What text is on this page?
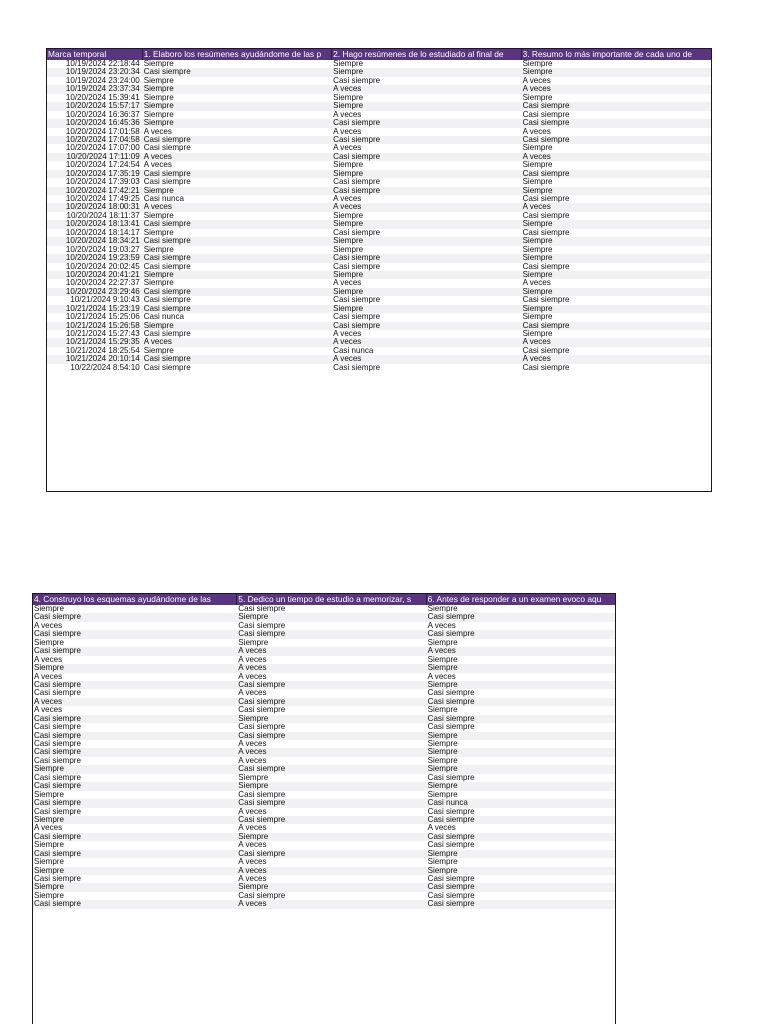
Marca temporal	1. Elaboro los resúmenes ayudándome de las p	2. Hago resúmenes de lo estudiado al final de	3. Resumo lo más importante de cada uno de
10/19/2024 22:18:44 Siempre	Siempre	Siempre
10/19/2024 23:20:34 Casi siempre	Siempre	Siempre
10/19/2024 23:24:00 Siempre	Casi siempre	A veces
10/19/2024 23:37:34 Siempre	A veces	A veces
10/20/2024 15:39:41 Siempre	Siempre	Siempre
10/20/2024 15:57:17 Siempre	Siempre	Casi siempre
10/20/2024 16:36:37 Siempre	A veces	Casi siempre
10/20/2024 16:45:36 Siempre	Casi siempre	Casi siempre
10/20/2024 17:01:58 A veces	A veces	A veces
10/20/2024 17:04:58 Casi siempre	Casi siempre	Casi siempre
10/20/2024 17:07:00 Casi siempre	A veces	Siempre
10/20/2024 17:11:09 A veces	Casi siempre	A veces
10/20/2024 17:24:54 A veces	Siempre	Siempre
10/20/2024 17:35:19 Casi siempre	Siempre	Casi siempre
10/20/2024 17:39:03 Casi siempre	Casi siempre	Siempre
10/20/2024 17:42:21 Siempre	Casi siempre	Siempre
10/20/2024 17:49:25 Casi nunca	A veces	Casi siempre
10/20/2024 18:00:31 A veces	A veces	A veces
10/20/2024 18:11:37 Siempre	Siempre	Casi siempre
10/20/2024 18:13:41 Casi siempre	Siempre	Siempre
10/20/2024 18:14:17 Siempre	Casi siempre	Casi siempre
10/20/2024 18:34:21 Casi siempre	Siempre	Siempre
10/20/2024 19:03:27 Siempre	Siempre	Siempre
10/20/2024 19:23:59 Casi siempre	Casi siempre	Siempre
10/20/2024 20:02:45 Casi siempre	Casi siempre	Casi siempre
10/20/2024 20:41:21 Siempre	Siempre	Siempre
10/20/2024 22:27:37 Siempre	A veces	A veces
10/20/2024 23:29:46 Casi siempre	Siempre	Siempre
10/21/2024 9:10:43 Casi siempre	Casi siempre	Casi siempre
10/21/2024 15:23:19 Casi siempre	Siempre	Siempre
10/21/2024 15:25:06 Casi nunca	Casi siempre	Siempre
10/21/2024 15:26:58 Siempre	Casi siempre	Casi siempre
10/21/2024 15:27:43 Casi siempre	A veces	Siempre
10/21/2024 15:29:35 A veces	A veces	A veces
10/21/2024 18:25:54 Siempre	Casi nunca	Casi siempre
10/21/2024 20:10:14 Casi siempre	A veces	A veces
10/22/2024 8:54:10 Casi siempre	Casi siempre	Casi siempre
4. Construyo los esquemas ayudándome de las	5. Dedico un tiempo de estudio a memorizar, s	6. Antes de responder a un examen evoco aqu
Siempre	Casi siempre	Siempre
Casi siempre	Siempre	Casi siempre
A veces	Casi siempre	A veces
Casi siempre	Casi siempre	Casi siempre
Siempre	Siempre	Siempre
Casi siempre	A veces	A veces
A veces	A veces	Siempre
Siempre	A veces	Siempre
A veces	A veces	A veces
Casi siempre	Casi siempre	Siempre
Casi siempre	A veces	Casi siempre
A veces	Casi siempre	Casi siempre
A veces	Casi siempre	Siempre
Casi siempre	Siempre	Casi siempre
Casi siempre	Casi siempre	Casi siempre
Casi siempre	Casi siempre	Siempre
Casi siempre	A veces	Siempre
Casi siempre	A veces	Siempre
Casi siempre	A veces	Siempre
Siempre	Casi siempre	Siempre
Casi siempre	Siempre	Casi siempre
Casi siempre	Siempre	Siempre
Siempre	Casi siempre	Siempre
Casi siempre	Casi siempre	Casi nunca
Casi siempre	A veces	Casi siempre
Siempre	Casi siempre	Casi siempre
A veces	A veces	A veces
Casi siempre	Siempre	Casi siempre
Siempre	A veces	Casi siempre
Casi siempre	Casi siempre	Siempre
Siempre	A veces	Siempre
Siempre	A veces	Siempre
Casi siempre	A veces	Casi siempre
Siempre	Siempre	Casi siempre
Siempre	Casi siempre	Casi siempre
Casi siempre	A veces	Casi siempre
